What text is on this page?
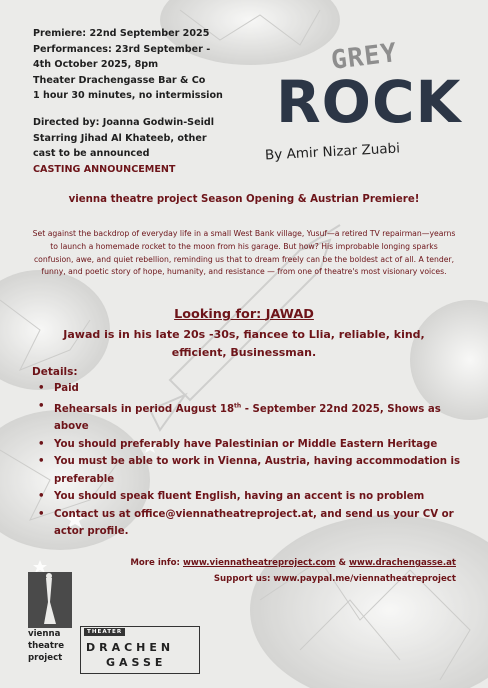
Premiere: 22nd September 2025
Performances: 23rd September -
4th October 2025, 8pm
Theater Drachengasse Bar & Co
1 hour 30 minutes, no intermission
Directed by: Joanna Godwin-Seidl
Starring Jihad Al Khateeb, other
cast to be announced
CASTING ANNOUNCEMENT
GREY
ROCK
By Amir Nizar Zuabi
vienna theatre project Season Opening & Austrian Premiere!
Set against the backdrop of everyday life in a small West Bank village, Yusuf—a retired TV repairman—yearns to launch a homemade rocket to the moon from his garage. But how? His improbable longing sparks confusion, awe, and quiet rebellion, reminding us that to dream freely can be the boldest act of all. A tender, funny, and poetic story of hope, humanity, and resistance — from one of theatre's most visionary voices.
Looking for: JAWAD
Jawad is in his late 20s -30s, fiancee to Llia, reliable, kind, efficient, Businessman.
Details:
• Paid
• Rehearsals in period August 18th - September 22nd 2025, Shows as above
• You should preferably have Palestinian or Middle Eastern Heritage
• You must be able to work in Vienna, Austria, having accommodation is preferable
• You should speak fluent English, having an accent is no problem
• Contact us at office@viennatheatreproject.at, and send us your CV or actor profile.
More info: www.viennatheatreproject.com & www.drachengasse.at
Support us: www.paypal.me/viennatheatreproject
vienna
theatre
project
THEATER
DRACHEN
GASSE
